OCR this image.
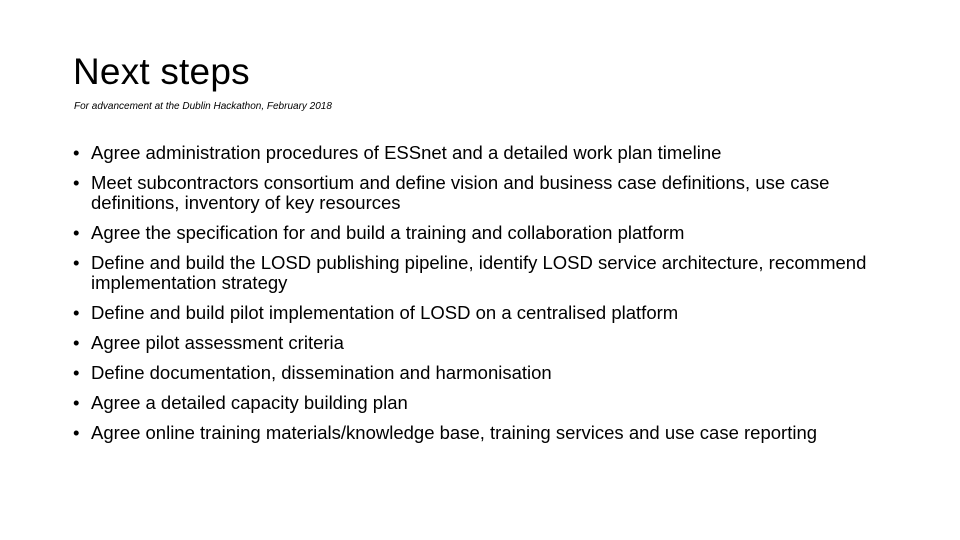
Next steps

For advancement at the Dublin Hackathon, February 2018

• Agree administration procedures of ESSnet and a detailed work plan timeline
• Meet subcontractors consortium and define vision and business case definitions, use case definitions, inventory of key resources
• Agree the specification for and build a training and collaboration platform
• Define and build the LOSD publishing pipeline, identify LOSD service architecture, recommend implementation strategy
• Define and build pilot implementation of LOSD on a centralised platform
• Agree pilot assessment criteria
• Define documentation, dissemination and harmonisation
• Agree a detailed capacity building plan
• Agree online training materials/knowledge base, training services and use case reporting
